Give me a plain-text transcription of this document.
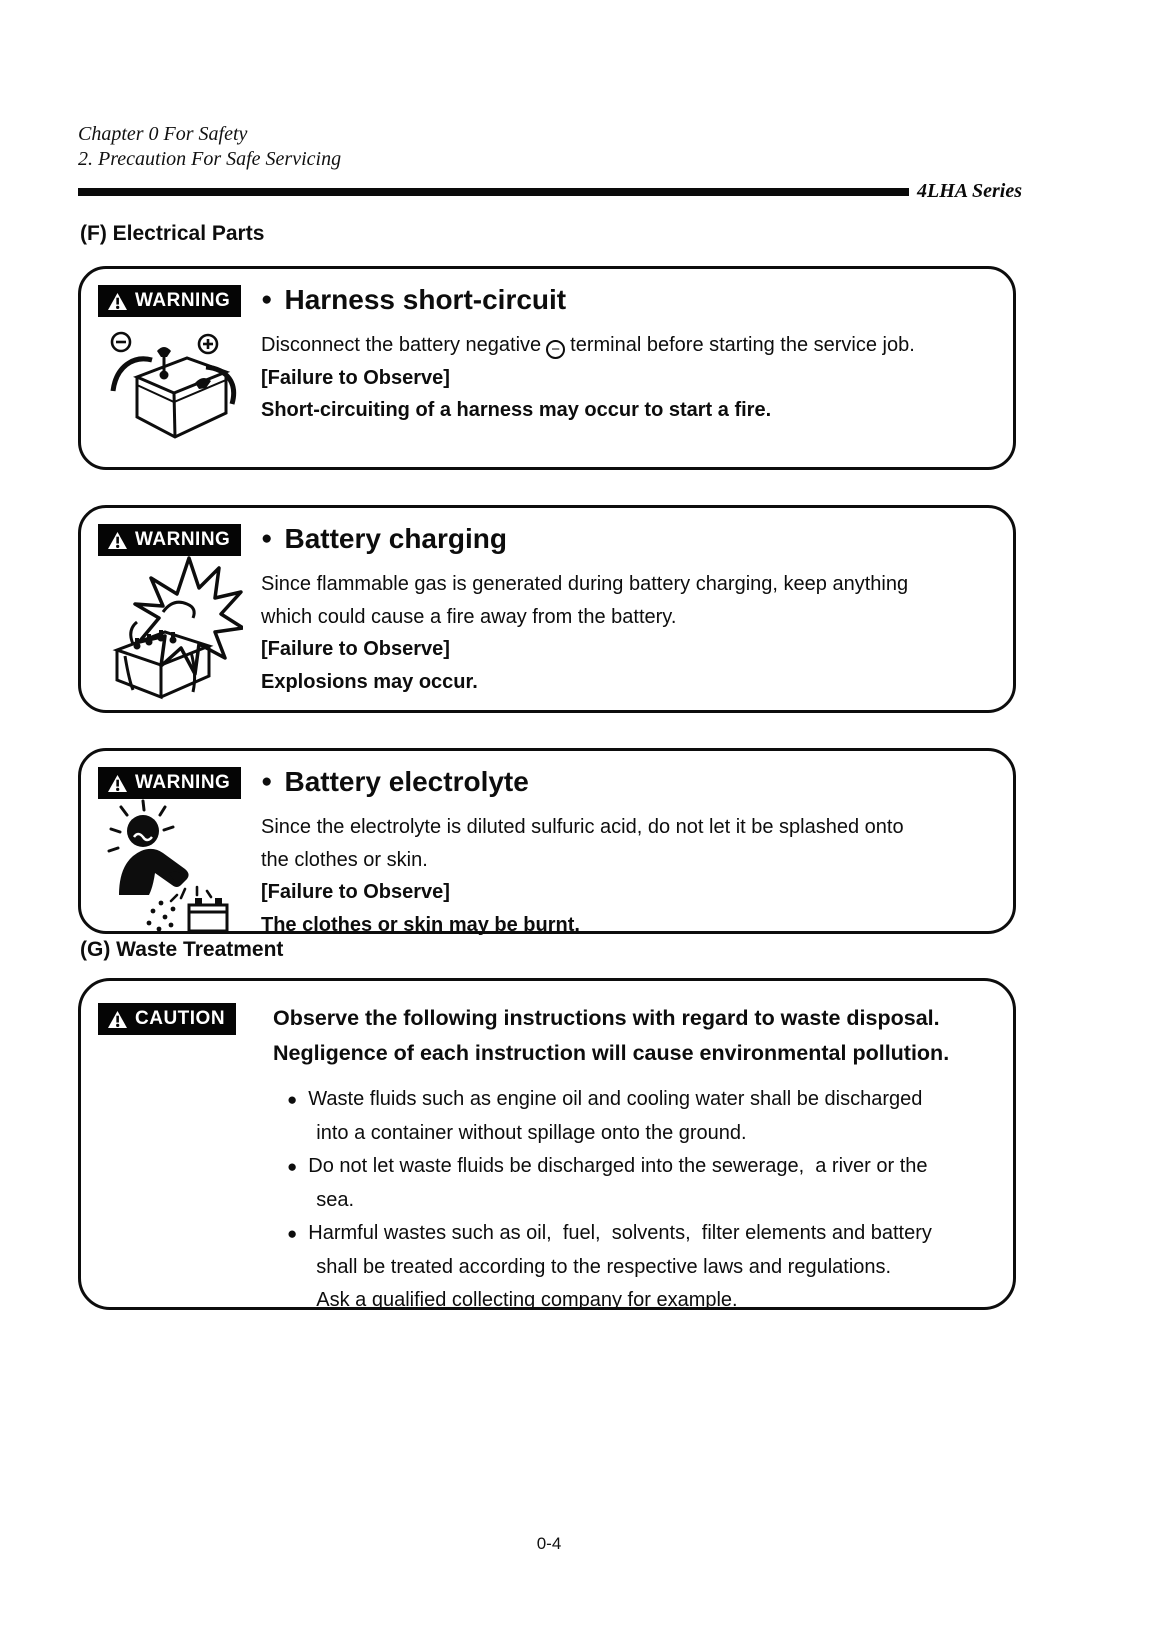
Chapter 0 For Safety
2. Precaution For Safe Servicing
4LHA Series
(F) Electrical Parts
WARNING ● Harness short-circuit
Disconnect the battery negative − terminal before starting the service job.
[Failure to Observe]
Short-circuiting of a harness may occur to start a fire.
WARNING ● Battery charging
Since flammable gas is generated during battery charging, keep anything
which could cause a fire away from the battery.
[Failure to Observe]
Explosions may occur.
WARNING ● Battery electrolyte
Since the electrolyte is diluted sulfuric acid, do not let it be splashed onto
the clothes or skin.
[Failure to Observe]
The clothes or skin may be burnt.
(G) Waste Treatment
CAUTION Observe the following instructions with regard to waste disposal.
Negligence of each instruction will cause environmental pollution.
● Waste fluids such as engine oil and cooling water shall be discharged
into a container without spillage onto the ground.
● Do not let waste fluids be discharged into the sewerage,  a river or the
sea.
● Harmful wastes such as oil,  fuel,  solvents,  filter elements and battery
shall be treated according to the respective laws and regulations.
Ask a qualified collecting company for example.
0-4
